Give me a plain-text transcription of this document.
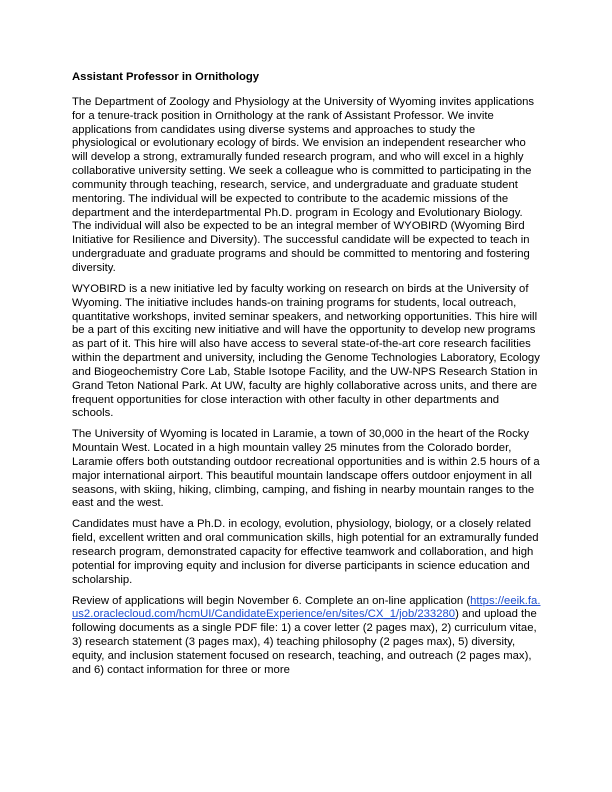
Assistant Professor in Ornithology

The Department of Zoology and Physiology at the University of Wyoming invites applications for a tenure-track position in Ornithology at the rank of Assistant Professor. We invite applications from candidates using diverse systems and approaches to study the physiological or evolutionary ecology of birds. We envision an independent researcher who will develop a strong, extramurally funded research program, and who will excel in a highly collaborative university setting. We seek a colleague who is committed to participating in the community through teaching, research, service, and undergraduate and graduate student mentoring. The individual will be expected to contribute to the academic missions of the department and the interdepartmental Ph.D. program in Ecology and Evolutionary Biology. The individual will also be expected to be an integral member of WYOBIRD (Wyoming Bird Initiative for Resilience and Diversity). The successful candidate will be expected to teach in undergraduate and graduate programs and should be committed to mentoring and fostering diversity.

WYOBIRD is a new initiative led by faculty working on research on birds at the University of Wyoming. The initiative includes hands-on training programs for students, local outreach, quantitative workshops, invited seminar speakers, and networking opportunities. This hire will be a part of this exciting new initiative and will have the opportunity to develop new programs as part of it. This hire will also have access to several state-of-the-art core research facilities within the department and university, including the Genome Technologies Laboratory, Ecology and Biogeochemistry Core Lab, Stable Isotope Facility, and the UW-NPS Research Station in Grand Teton National Park. At UW, faculty are highly collaborative across units, and there are frequent opportunities for close interaction with other faculty in other departments and schools.

The University of Wyoming is located in Laramie, a town of 30,000 in the heart of the Rocky Mountain West. Located in a high mountain valley 25 minutes from the Colorado border, Laramie offers both outstanding outdoor recreational opportunities and is within 2.5 hours of a major international airport. This beautiful mountain landscape offers outdoor enjoyment in all seasons, with skiing, hiking, climbing, camping, and fishing in nearby mountain ranges to the east and the west.

Candidates must have a Ph.D. in ecology, evolution, physiology, biology, or a closely related field, excellent written and oral communication skills, high potential for an extramurally funded research program, demonstrated capacity for effective teamwork and collaboration, and high potential for improving equity and inclusion for diverse participants in science education and scholarship.

Review of applications will begin November 6. Complete an on-line application (https://eeik.fa.us2.oraclecloud.com/hcmUI/CandidateExperience/en/sites/CX_1/job/233280) and upload the following documents as a single PDF file: 1) a cover letter (2 pages max), 2) curriculum vitae, 3) research statement (3 pages max), 4) teaching philosophy (2 pages max), 5) diversity, equity, and inclusion statement focused on research, teaching, and outreach (2 pages max), and 6) contact information for three or more
